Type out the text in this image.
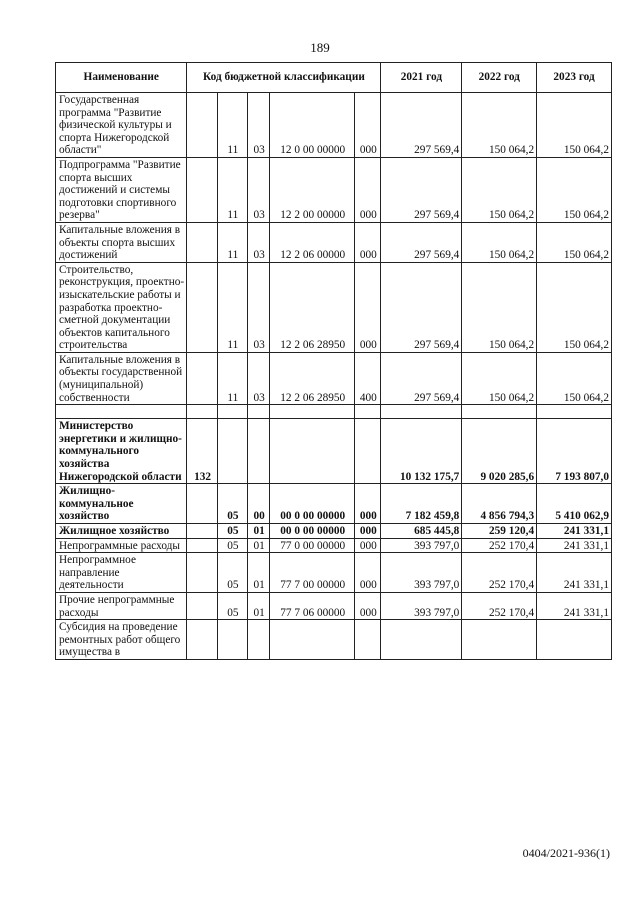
189
Наименование	Код бюджетной классификации					2021 год	2022 год	2023 год
Государственная программа "Развитие физической культуры и спорта Нижегородской области"		11	03	12 0 00 00000	000	297 569,4	150 064,2	150 064,2
Подпрограмма "Развитие спорта высших достижений и системы подготовки спортивного резерва"		11	03	12 2 00 00000	000	297 569,4	150 064,2	150 064,2
Капитальные вложения в объекты спорта высших достижений		11	03	12 2 06 00000	000	297 569,4	150 064,2	150 064,2
Строительство, реконструкция, проектно-изыскательские работы и разработка проектно-сметной документации объектов капитального строительства		11	03	12 2 06 28950	000	297 569,4	150 064,2	150 064,2
Капитальные вложения в объекты государственной (муниципальной) собственности		11	03	12 2 06 28950	400	297 569,4	150 064,2	150 064,2

Министерство энергетики и жилищно-коммунального хозяйства Нижегородской области	132					10 132 175,7	9 020 285,6	7 193 807,0
Жилищно-коммунальное хозяйство		05	00	00 0 00 00000	000	7 182 459,8	4 856 794,3	5 410 062,9
Жилищное хозяйство		05	01	00 0 00 00000	000	685 445,8	259 120,4	241 331,1
Непрограммные расходы		05	01	77 0 00 00000	000	393 797,0	252 170,4	241 331,1
Непрограммное направление деятельности		05	01	77 7 00 00000	000	393 797,0	252 170,4	241 331,1
Прочие непрограммные расходы		05	01	77 7 06 00000	000	393 797,0	252 170,4	241 331,1
Субсидия на проведение ремонтных работ общего имущества в								
0404/2021-936(1)
